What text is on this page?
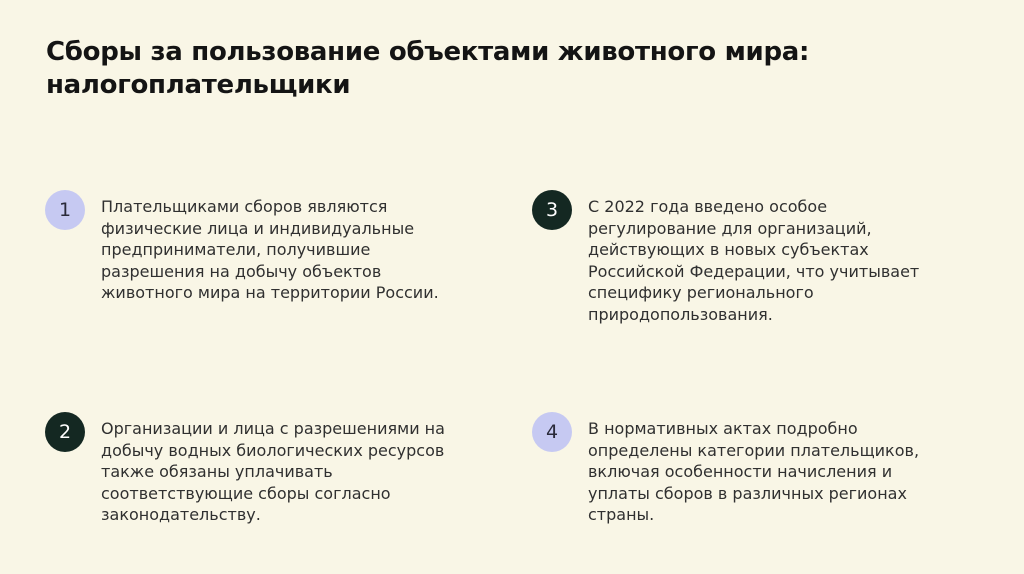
Сборы за пользование объектами животного мира:
налогоплательщики
1	Плательщиками сборов являются физические лица и индивидуальные предприниматели, получившие разрешения на добычу объектов животного мира на территории России.

2	Организации и лица с разрешениями на добычу водных биологических ресурсов также обязаны уплачивать соответствующие сборы согласно законодательству.

3	С 2022 года введено особое регулирование для организаций, действующих в новых субъектах Российской Федерации, что учитывает специфику регионального природопользования.

4	В нормативных актах подробно определены категории плательщиков, включая особенности начисления и уплаты сборов в различных регионах страны.
